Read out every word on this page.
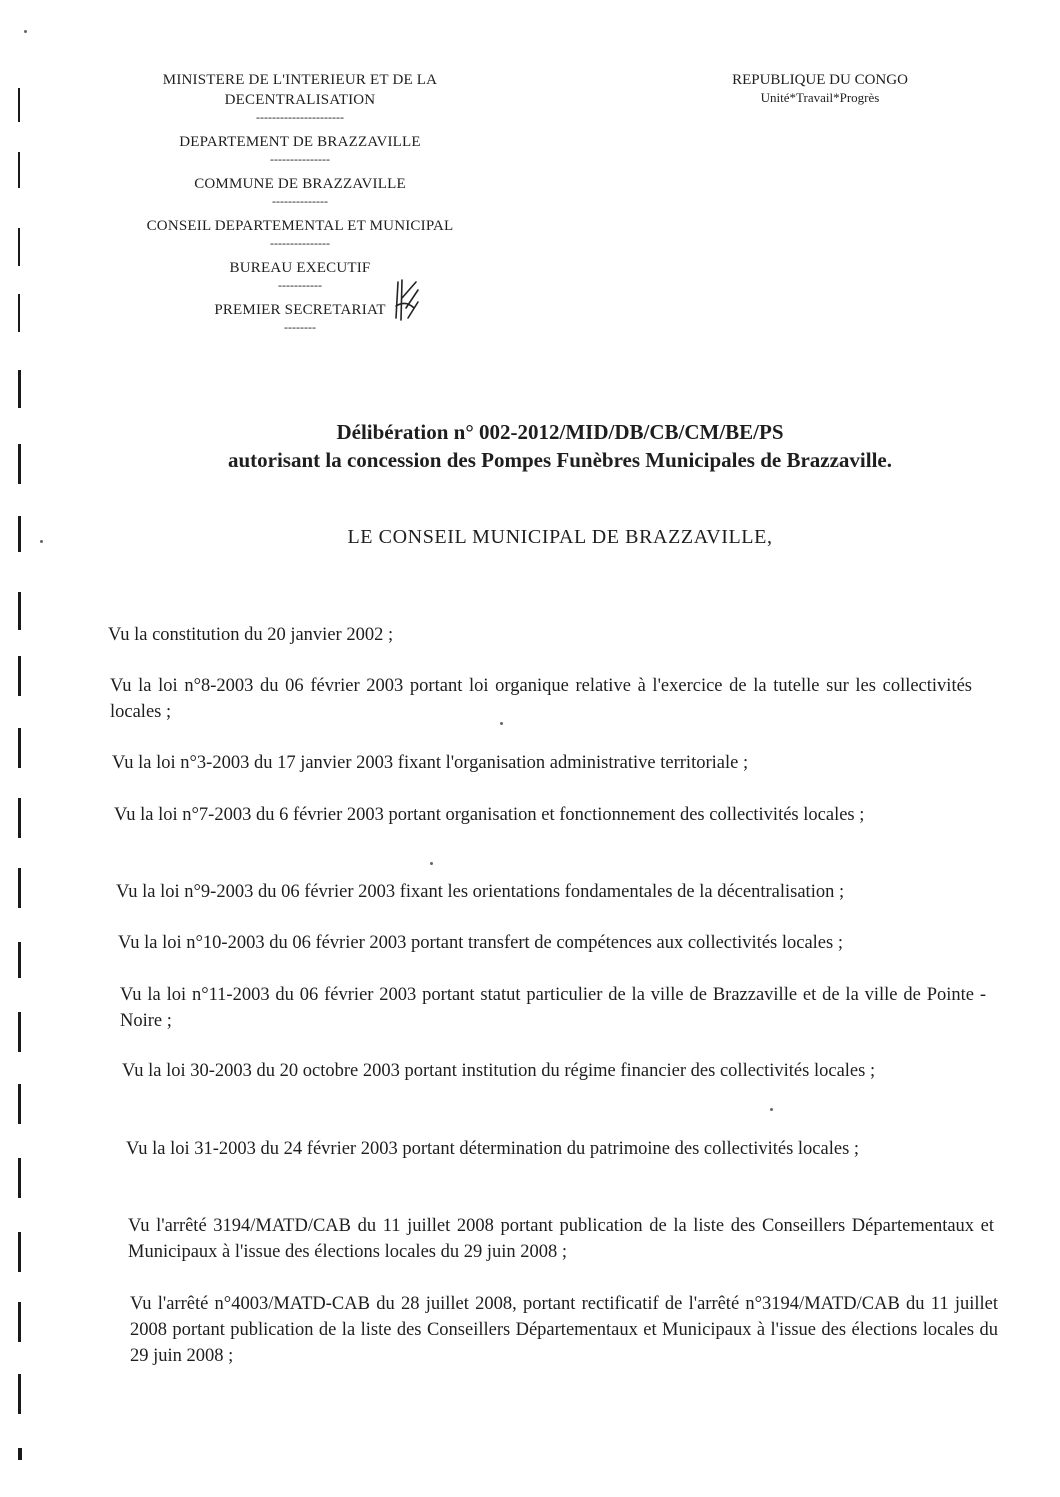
MINISTERE DE L'INTERIEUR ET DE LA DECENTRALISATION
----------------------
DEPARTEMENT DE BRAZZAVILLE
---------------
COMMUNE DE BRAZZAVILLE
--------------
CONSEIL DEPARTEMENTAL ET MUNICIPAL
---------------
BUREAU EXECUTIF
-----------
PREMIER SECRETARIAT
--------
REPUBLIQUE DU CONGO
Unité*Travail*Progrès
Délibération n° 002-2012/MID/DB/CB/CM/BE/PS
autorisant la concession des Pompes Funèbres Municipales de Brazzaville.
LE CONSEIL MUNICIPAL DE BRAZZAVILLE,
Vu la constitution du 20 janvier 2002 ;
Vu la loi n°8-2003 du 06 février 2003 portant loi organique relative à l'exercice de la tutelle sur les collectivités locales ;
Vu la loi n°3-2003 du 17 janvier 2003 fixant l'organisation administrative territoriale ;
Vu la loi n°7-2003 du 6 février 2003 portant organisation et fonctionnement des collectivités locales ;
Vu la loi n°9-2003 du 06 février 2003 fixant les orientations fondamentales de la décentralisation ;
Vu la loi n°10-2003 du 06 février 2003 portant transfert de compétences aux collectivités locales ;
Vu la loi n°11-2003 du 06 février 2003 portant statut particulier de la ville de Brazzaville et de la ville de Pointe -Noire ;
Vu la loi 30-2003 du 20 octobre 2003 portant institution du régime financier des collectivités locales ;
Vu la loi 31-2003 du 24 février 2003 portant détermination du patrimoine des collectivités locales ;
Vu l'arrêté 3194/MATD/CAB du 11 juillet 2008 portant publication de la liste des Conseillers Départementaux et Municipaux à l'issue des élections locales du 29 juin 2008 ;
Vu l'arrêté n°4003/MATD-CAB du 28 juillet 2008, portant rectificatif de l'arrêté n°3194/MATD/CAB du 11 juillet 2008 portant publication de la liste des Conseillers Départementaux et Municipaux à l'issue des élections locales du 29 juin 2008 ;
